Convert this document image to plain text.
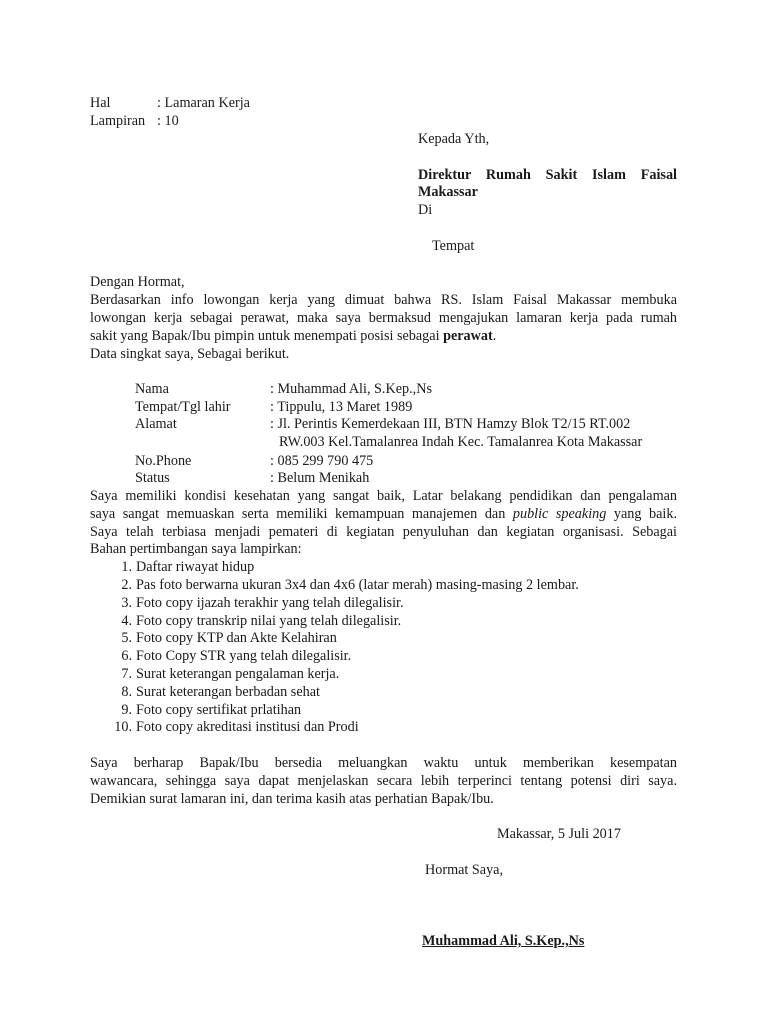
Hal	: Lamaran Kerja
Lampiran : 10
Kepada Yth,
Direktur Rumah Sakit Islam Faisal
Makassar
Di
Tempat
Dengan Hormat,
Berdasarkan info lowongan kerja yang dimuat bahwa RS. Islam Faisal Makassar membuka
lowongan kerja sebagai perawat, maka saya bermaksud mengajukan lamaran kerja pada rumah
sakit yang Bapak/Ibu pimpin untuk menempati posisi sebagai perawat.
Data singkat saya, Sebagai berikut.
Nama	: Muhammad Ali, S.Kep.,Ns
Tempat/Tgl lahir	: Tippulu, 13 Maret 1989
Alamat	: Jl. Perintis Kemerdekaan III, BTN Hamzy Blok T2/15 RT.002
RW.003 Kel.Tamalanrea Indah Kec. Tamalanrea Kota Makassar
No.Phone	: 085 299 790 475
Status	: Belum Menikah
Saya memiliki kondisi kesehatan yang sangat baik, Latar belakang pendidikan dan pengalaman
saya sangat memuaskan serta memiliki kemampuan manajemen dan public speaking yang baik.
Saya telah terbiasa menjadi pemateri di kegiatan penyuluhan dan kegiatan organisasi. Sebagai
Bahan pertimbangan saya lampirkan:
1. Daftar riwayat hidup
2. Pas foto berwarna ukuran 3x4 dan 4x6 (latar merah) masing-masing 2 lembar.
3. Foto copy ijazah terakhir yang telah dilegalisir.
4. Foto copy transkrip nilai yang telah dilegalisir.
5. Foto copy KTP dan Akte Kelahiran
6. Foto Copy STR yang telah dilegalisir.
7. Surat keterangan pengalaman kerja.
8. Surat keterangan berbadan sehat
9. Foto copy sertifikat prlatihan
10. Foto copy akreditasi institusi dan Prodi
Saya berharap Bapak/Ibu bersedia meluangkan waktu untuk memberikan kesempatan
wawancara, sehingga saya dapat menjelaskan secara lebih terperinci tentang potensi diri saya.
Demikian surat lamaran ini, dan terima kasih atas perhatian Bapak/Ibu.
Makassar, 5 Juli 2017
Hormat Saya,
Muhammad Ali, S.Kep.,Ns
